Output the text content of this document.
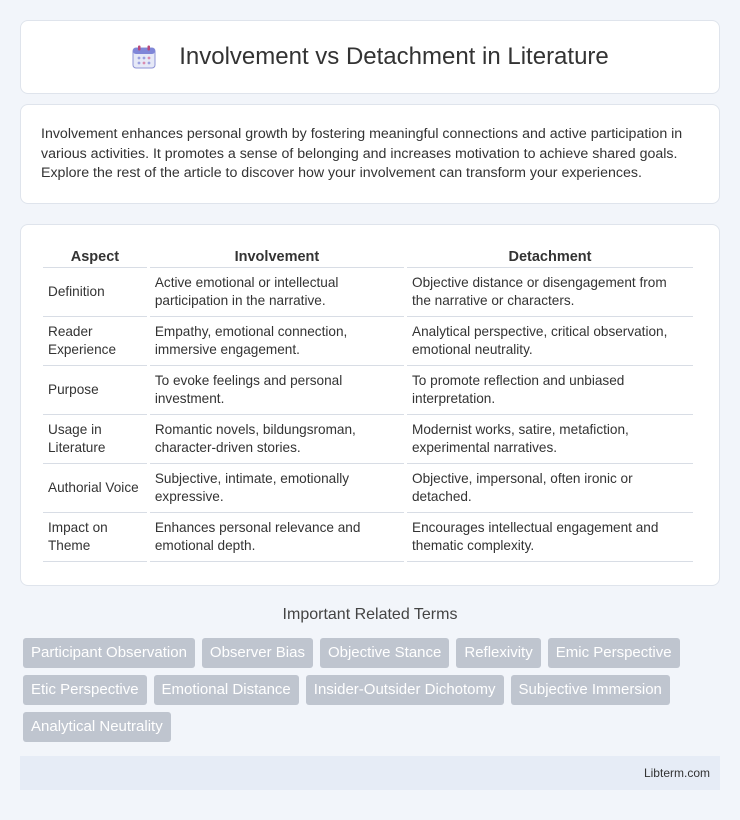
Involvement vs Detachment in Literature

Involvement enhances personal growth by fostering meaningful connections and active participation in various activities. It promotes a sense of belonging and increases motivation to achieve shared goals. Explore the rest of the article to discover how your involvement can transform your experiences.

Aspect	Involvement	Detachment
Definition	Active emotional or intellectual participation in the narrative.	Objective distance or disengagement from the narrative or characters.
Reader Experience	Empathy, emotional connection, immersive engagement.	Analytical perspective, critical observation, emotional neutrality.
Purpose	To evoke feelings and personal investment.	To promote reflection and unbiased interpretation.
Usage in Literature	Romantic novels, bildungsroman, character-driven stories.	Modernist works, satire, metafiction, experimental narratives.
Authorial Voice	Subjective, intimate, emotionally expressive.	Objective, impersonal, often ironic or detached.
Impact on Theme	Enhances personal relevance and emotional depth.	Encourages intellectual engagement and thematic complexity.
Important Related Terms
Participant Observation	Observer Bias	Objective Stance	Reflexivity	Emic Perspective
Etic Perspective	Emotional Distance	Insider-Outsider Dichotomy	Subjective Immersion
Analytical Neutrality
Libterm.com
